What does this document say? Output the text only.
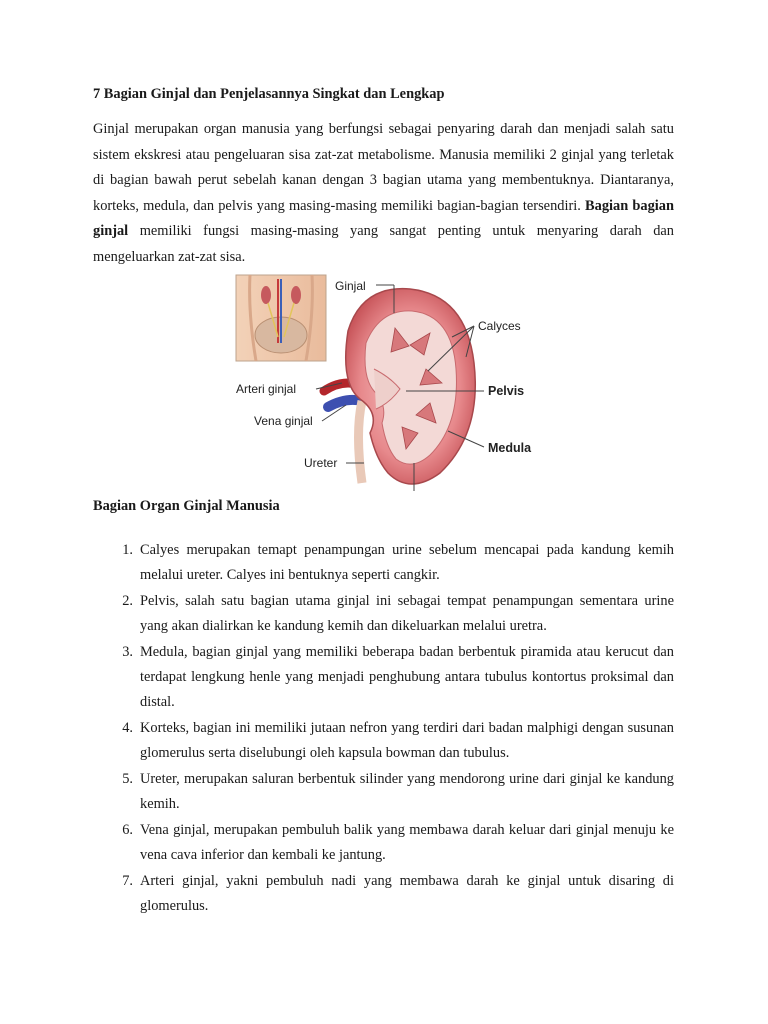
7 Bagian Ginjal dan Penjelasannya Singkat dan Lengkap

Ginjal merupakan organ manusia yang berfungsi sebagai penyaring darah dan menjadi salah satu sistem ekskresi atau pengeluaran sisa zat-zat metabolisme. Manusia memiliki 2 ginjal yang terletak di bagian bawah perut sebelah kanan dengan 3 bagian utama yang membentuknya. Diantaranya, korteks, medula, dan pelvis yang masing-masing memiliki bagian-bagian tersendiri. Bagian bagian ginjal memiliki fungsi masing-masing yang sangat penting untuk menyaring darah dan mengeluarkan zat-zat sisa.

Ginjal
Calyces
Arteri ginjal	Pelvis
Vena ginjal
Medula
Ureter
Bagian Organ Ginjal Manusia
1. Calyes merupakan temapt penampungan urine sebelum mencapai pada kandung kemih melalui ureter. Calyes ini bentuknya seperti cangkir.
2. Pelvis, salah satu bagian utama ginjal ini sebagai tempat penampungan sementara urine yang akan dialirkan ke kandung kemih dan dikeluarkan melalui uretra.
3. Medula, bagian ginjal yang memiliki beberapa badan berbentuk piramida atau kerucut dan terdapat lengkung henle yang menjadi penghubung antara tubulus kontortus proksimal dan distal.
4. Korteks, bagian ini memiliki jutaan nefron yang terdiri dari badan malphigi dengan susunan glomerulus serta diselubungi oleh kapsula bowman dan tubulus.
5. Ureter, merupakan saluran berbentuk silinder yang mendorong urine dari ginjal ke kandung kemih.
6. Vena ginjal, merupakan pembuluh balik yang membawa darah keluar dari ginjal menuju ke vena cava inferior dan kembali ke jantung.
7. Arteri ginjal, yakni pembuluh nadi yang membawa darah ke ginjal untuk disaring di glomerulus.
